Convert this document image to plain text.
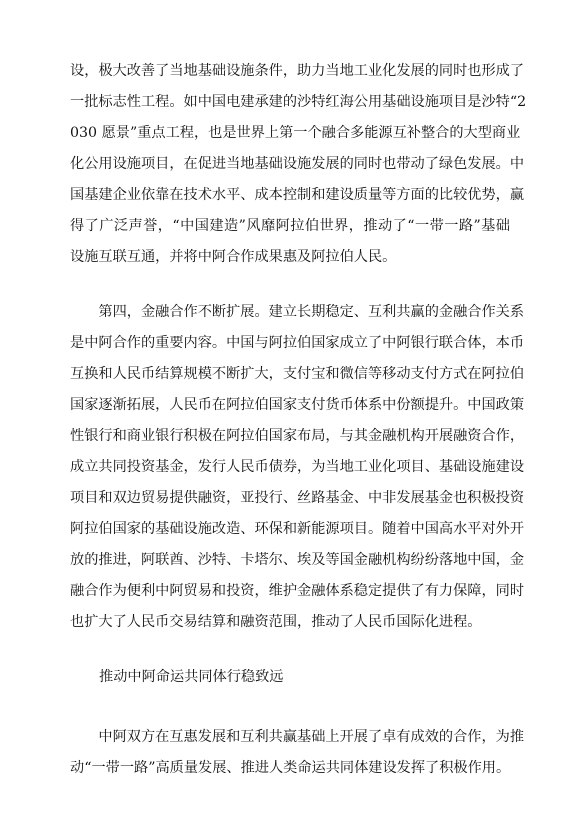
设，极大改善了当地基础设施条件，助力当地工业化发展的同时也形成了
一批标志性工程。如中国电建承建的沙特红海公用基础设施项目是沙特“2
030 愿景”重点工程，也是世界上第一个融合多能源互补整合的大型商业
化公用设施项目，在促进当地基础设施发展的同时也带动了绿色发展。中
国基建企业依靠在技术水平、成本控制和建设质量等方面的比较优势，赢
得了广泛声誉，“中国建造”风靡阿拉伯世界，推动了“一带一路”基础
设施互联互通，并将中阿合作成果惠及阿拉伯人民。
　　第四，金融合作不断扩展。建立长期稳定、互利共赢的金融合作关系
是中阿合作的重要内容。中国与阿拉伯国家成立了中阿银行联合体，本币
互换和人民币结算规模不断扩大，支付宝和微信等移动支付方式在阿拉伯
国家逐渐拓展，人民币在阿拉伯国家支付货币体系中份额提升。中国政策
性银行和商业银行积极在阿拉伯国家布局，与其金融机构开展融资合作，
成立共同投资基金，发行人民币债券，为当地工业化项目、基础设施建设
项目和双边贸易提供融资，亚投行、丝路基金、中非发展基金也积极投资
阿拉伯国家的基础设施改造、环保和新能源项目。随着中国高水平对外开
放的推进，阿联酋、沙特、卡塔尔、埃及等国金融机构纷纷落地中国，金
融合作为便利中阿贸易和投资，维护金融体系稳定提供了有力保障，同时
也扩大了人民币交易结算和融资范围，推动了人民币国际化进程。
推动中阿命运共同体行稳致远
　　中阿双方在互惠发展和互利共赢基础上开展了卓有成效的合作，为推
动“一带一路”高质量发展、推进人类命运共同体建设发挥了积极作用。
